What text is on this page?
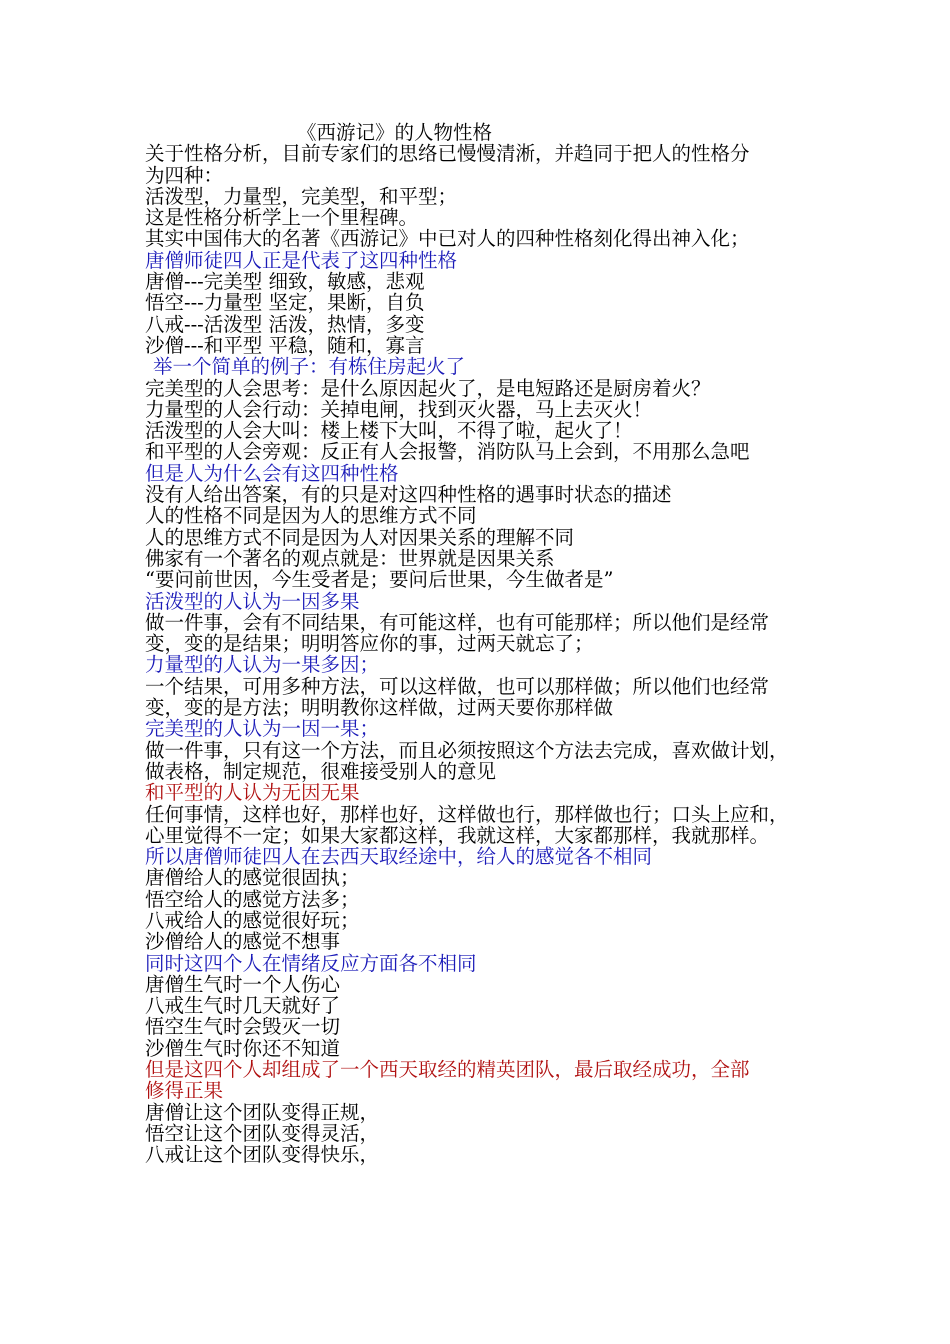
《西游记》的人物性格
关于性格分析，目前专家们的思络已慢慢清淅，并趋同于把人的性格分
为四种：
活泼型，力量型，完美型，和平型；
这是性格分析学上一个里程碑。
其实中国伟大的名著《西游记》中已对人的四种性格刻化得出神入化；
唐僧师徒四人正是代表了这四种性格
唐僧---完美型 细致，敏感，悲观
悟空---力量型 坚定，果断，自负
八戒---活泼型 活泼，热情，多变
沙僧---和平型 平稳，随和，寡言
举一个简单的例子：有栋住房起火了
完美型的人会思考：是什么原因起火了，是电短路还是厨房着火？
力量型的人会行动：关掉电闸，找到灭火器，马上去灭火！
活泼型的人会大叫：楼上楼下大叫，不得了啦，起火了！
和平型的人会旁观：反正有人会报警，消防队马上会到，不用那么急吧
但是人为什么会有这四种性格
没有人给出答案，有的只是对这四种性格的遇事时状态的描述
人的性格不同是因为人的思维方式不同
人的思维方式不同是因为人对因果关系的理解不同
佛家有一个著名的观点就是：世界就是因果关系
“要问前世因，今生受者是；要问后世果，今生做者是”
活泼型的人认为一因多果
做一件事，会有不同结果，有可能这样，也有可能那样；所以他们是经常
变，变的是结果；明明答应你的事，过两天就忘了；
力量型的人认为一果多因；
一个结果，可用多种方法，可以这样做，也可以那样做；所以他们也经常
变，变的是方法；明明教你这样做，过两天要你那样做
完美型的人认为一因一果；
做一件事，只有这一个方法，而且必须按照这个方法去完成，喜欢做计划，
做表格，制定规范，很难接受别人的意见
和平型的人认为无因无果
任何事情，这样也好，那样也好，这样做也行，那样做也行；口头上应和，
心里觉得不一定；如果大家都这样，我就这样，大家都那样，我就那样。
所以唐僧师徒四人在去西天取经途中，给人的感觉各不相同
唐僧给人的感觉很固执；
悟空给人的感觉方法多；
八戒给人的感觉很好玩；
沙僧给人的感觉不想事
同时这四个人在情绪反应方面各不相同
唐僧生气时一个人伤心
八戒生气时几天就好了
悟空生气时会毁灭一切
沙僧生气时你还不知道
但是这四个人却组成了一个西天取经的精英团队，最后取经成功，全部
修得正果
唐僧让这个团队变得正规，
悟空让这个团队变得灵活，
八戒让这个团队变得快乐，
